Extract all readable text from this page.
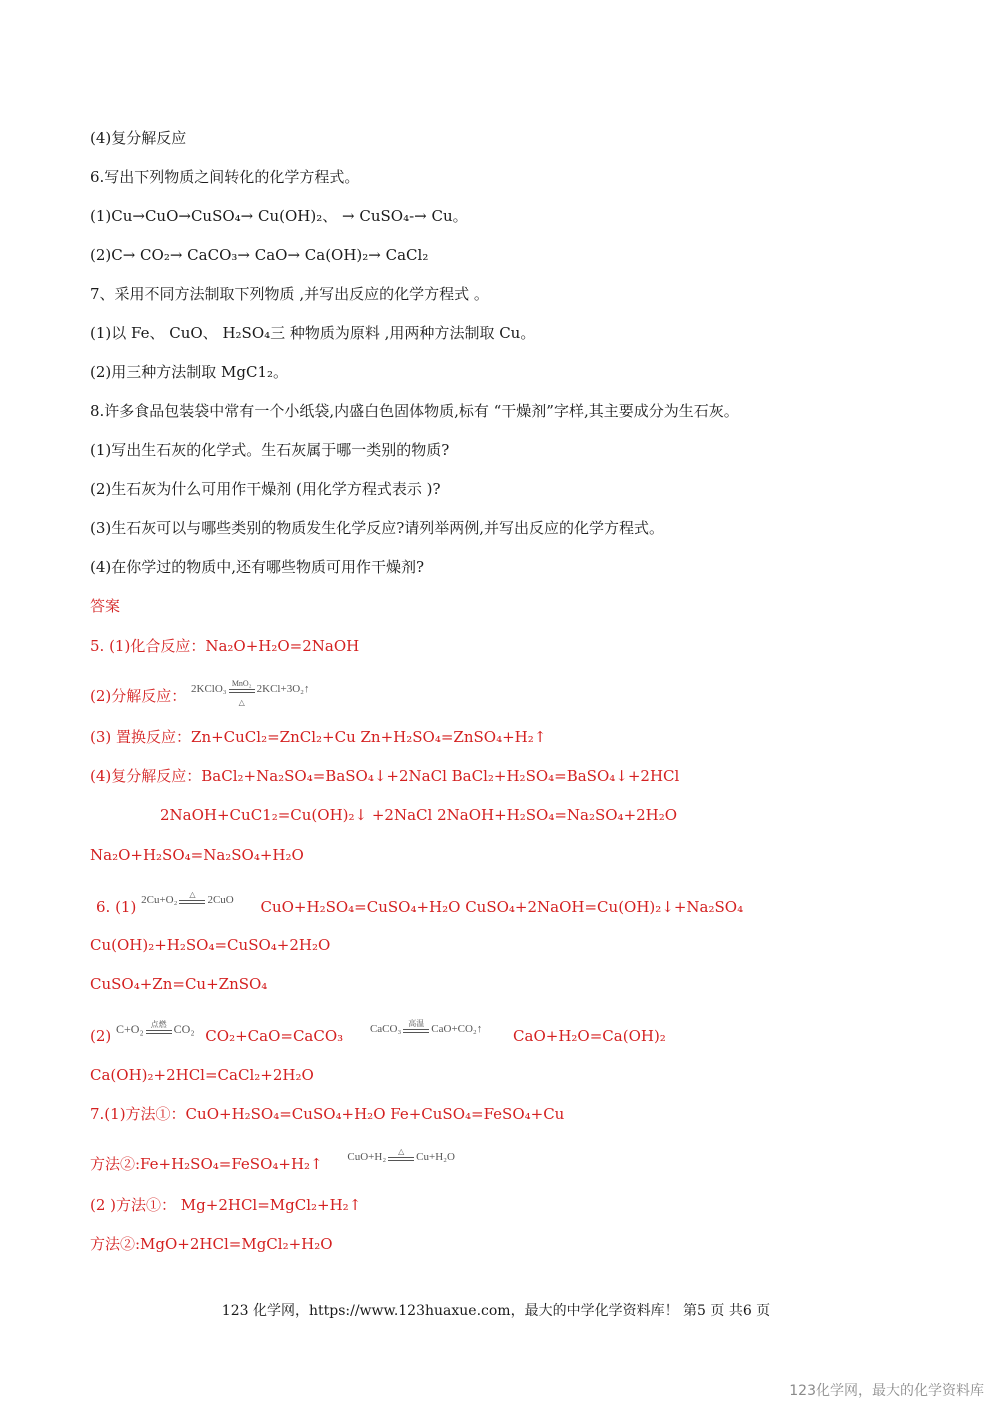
(4)复分解反应
6.写出下列物质之间转化的化学方程式。
(1)Cu→CuO→CuSO₄→ Cu(OH)₂、 → CuSO₄-→ Cu。
(2)C→ CO₂→ CaCO₃→ CaO→ Ca(OH)₂→ CaCl₂
7、采用不同方法制取下列物质 ,并写出反应的化学方程式 。
(1)以 Fe、 CuO、 H₂SO₄三 种物质为原料 ,用两种方法制取 Cu。
(2)用三种方法制取 MgC1₂。
8.许多食品包装袋中常有一个小纸袋,内盛白色固体物质,标有 “干燥剂”字样,其主要成分为生石灰。
(1)写出生石灰的化学式。生石灰属于哪一类别的物质?
(2)生石灰为什么可用作干燥剂 (用化学方程式表示 )?
(3)生石灰可以与哪些类别的物质发生化学反应?请列举两例,并写出反应的化学方程式。
(4)在你学过的物质中,还有哪些物质可用作干燥剂?
答案
5. (1)化合反应：Na₂O+H₂O=2NaOH
(2)分解反应： 2KClO₃ MnO₂
△
2KCl+3O₂↑
(3) 置换反应：Zn+CuCl₂=ZnCl₂+Cu Zn+H₂SO₄=ZnSO₄+H₂↑
(4)复分解反应：BaCl₂+Na₂SO₄=BaSO₄↓+2NaCl BaCl₂+H₂SO₄=BaSO₄↓+2HCl
2NaOH+CuC1₂=Cu(OH)₂↓ +2NaCl 2NaOH+H₂SO₄=Na₂SO₄+2H₂O
Na₂O+H₂SO₄=Na₂SO₄+H₂O
6. (1) 2Cu+O₂	△	2CuO CuO+H₂SO₄=CuSO₄+H₂O CuSO₄+2NaOH=Cu(OH)₂↓+Na₂SO₄
Cu(OH)₂+H₂SO₄=CuSO₄+2H₂O
CuSO₄+Zn=Cu+ZnSO₄
(2) C+O₂ 点燃 CO₂ CO₂+CaO=CaCO₃ CaCO₃ 高温 CaO+CO₂↑ CaO+H₂O=Ca(OH)₂
Ca(OH)₂+2HCl=CaCl₂+2H₂O
7.(1)方法①：CuO+H₂SO₄=CuSO₄+H₂O Fe+CuSO₄=FeSO₄+Cu
方法②:Fe+H₂SO₄=FeSO₄+H₂↑ CuO+H₂	△	Cu+H₂O
(2 )方法①： Mg+2HCl=MgCl₂+H₂↑
方法②:MgO+2HCl=MgCl₂+H₂O
123 化学网，https://www.123huaxue.com，最大的中学化学资料库！ 第5 页 共6 页
123化学网，最大的化学资料库
